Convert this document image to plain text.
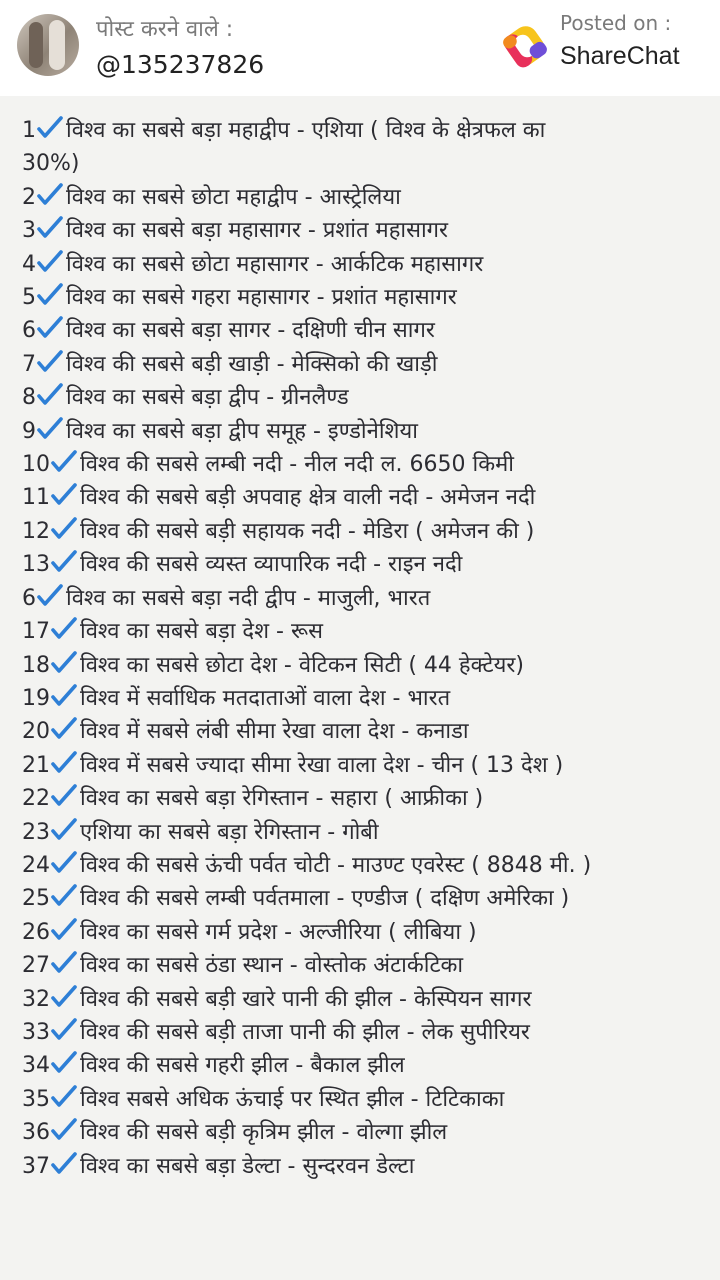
पोस्ट करने वाले :
@135237826
Posted on :
ShareChat
1 विश्व का सबसे बड़ा महाद्वीप - एशिया ( विश्व के क्षेत्रफल का
30%)
2 विश्व का सबसे छोटा महाद्वीप - आस्ट्रेलिया
3 विश्व का सबसे बड़ा महासागर - प्रशांत महासागर
4 विश्व का सबसे छोटा महासागर - आर्कटिक महासागर
5 विश्व का सबसे गहरा महासागर - प्रशांत महासागर
6 विश्व का सबसे बड़ा सागर - दक्षिणी चीन सागर
7 विश्व की सबसे बड़ी खाड़ी - मेक्सिको की खाड़ी
8 विश्व का सबसे बड़ा द्वीप - ग्रीनलैण्ड
9 विश्व का सबसे बड़ा द्वीप समूह - इण्डोनेशिया
10 विश्व की सबसे लम्बी नदी - नील नदी ल. 6650 किमी
11 विश्व की सबसे बड़ी अपवाह क्षेत्र वाली नदी - अमेजन नदी
12 विश्व की सबसे बड़ी सहायक नदी - मेडिरा ( अमेजन की )
13 विश्व की सबसे व्यस्त व्यापारिक नदी - राइन नदी
6 विश्व का सबसे बड़ा नदी द्वीप - माजुली, भारत
17 विश्व का सबसे बड़ा देश - रूस
18 विश्व का सबसे छोटा देश - वेटिकन सिटी ( 44 हेक्टेयर)
19 विश्व में सर्वाधिक मतदाताओं वाला देश - भारत
20 विश्व में सबसे लंबी सीमा रेखा वाला देश - कनाडा
21 विश्व में सबसे ज्यादा सीमा रेखा वाला देश - चीन ( 13 देश )
22 विश्व का सबसे बड़ा रेगिस्तान - सहारा ( आफ्रीका )
23 एशिया का सबसे बड़ा रेगिस्तान - गोबी
24 विश्व की सबसे ऊंची पर्वत चोटी - माउण्ट एवरेस्ट ( 8848 मी. )
25 विश्व की सबसे लम्बी पर्वतमाला - एण्डीज ( दक्षिण अमेरिका )
26 विश्व का सबसे गर्म प्रदेश - अल्जीरिया ( लीबिया )
27 विश्व का सबसे ठंडा स्थान - वोस्तोक अंटार्कटिका
32 विश्व की सबसे बड़ी खारे पानी की झील - केस्पियन सागर
33 विश्व की सबसे बड़ी ताजा पानी की झील - लेक सुपीरियर
34 विश्व की सबसे गहरी झील - बैकाल झील
35 विश्व सबसे अधिक ऊंचाई पर स्थित झील - टिटिकाका
36 विश्व की सबसे बड़ी कृत्रिम झील - वोल्गा झील
37 विश्व का सबसे बड़ा डेल्टा - सुन्दरवन डेल्टा
